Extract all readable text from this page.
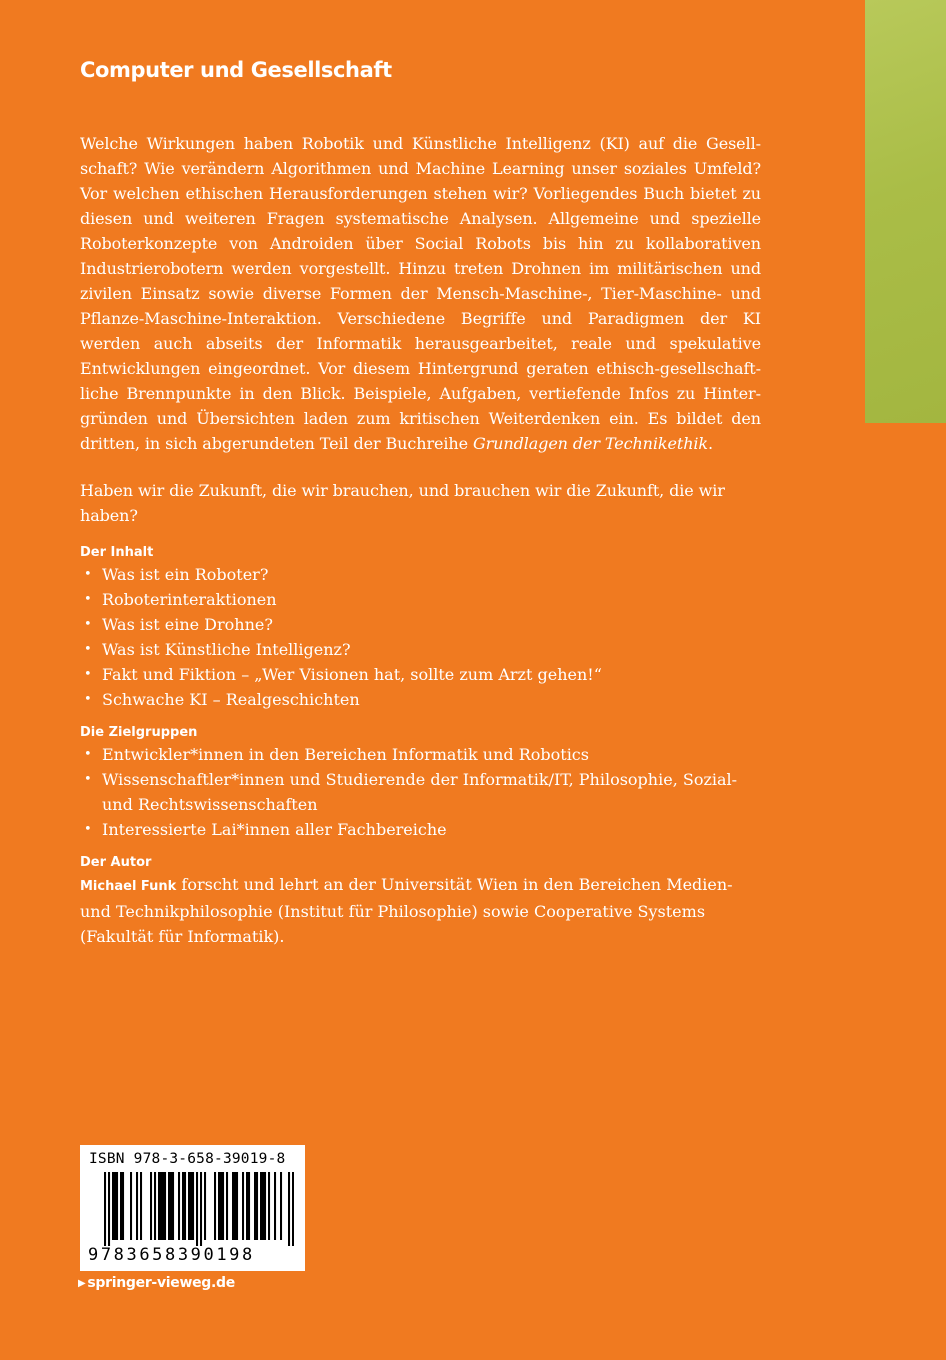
Computer und Gesellschaft

Welche Wirkungen haben Robotik und Künstliche Intelligenz (KI) auf die Gesellschaft? Wie verändern Algorithmen und Machine Learning unser soziales Umfeld? Vor welchen ethischen Herausforderungen stehen wir? Vorliegendes Buch bietet zu diesen und weiteren Fragen systematische Analysen. Allgemeine und spezielle Roboterkonzepte von Androiden über Social Robots bis hin zu kollaborativen Industrierobotern werden vorgestellt. Hinzu treten Drohnen im militärischen und zivilen Einsatz sowie diverse Formen der Mensch-Maschine-, Tier-Maschine- und Pflanze-Maschine-Interaktion. Verschiedene Begriffe und Paradigmen der KI werden auch abseits der Informatik herausgearbeitet, reale und spekulative Entwicklungen eingeordnet. Vor diesem Hintergrund geraten ethisch-gesellschaftliche Brennpunkte in den Blick. Beispiele, Aufgaben, vertiefende Infos zu Hintergründen und Übersichten laden zum kritischen Weiterdenken ein. Es bildet den dritten, in sich abgerundeten Teil der Buchreihe Grundlagen der Technikethik.

Haben wir die Zukunft, die wir brauchen, und brauchen wir die Zukunft, die wir haben?

Der Inhalt
• Was ist ein Roboter?
• Roboterinteraktionen
• Was ist eine Drohne?
• Was ist Künstliche Intelligenz?
• Fakt und Fiktion – „Wer Visionen hat, sollte zum Arzt gehen!“
• Schwache KI – Realgeschichten
Die Zielgruppen
• Entwickler*innen in den Bereichen Informatik und Robotics
• Wissenschaftler*innen und Studierende der Informatik/IT, Philosophie, Sozial- und Rechtswissenschaften
• Interessierte Lai*innen aller Fachbereiche
Der Autor
Michael Funk forscht und lehrt an der Universität Wien in den Bereichen Medien- und Technikphilosophie (Institut für Philosophie) sowie Cooperative Systems (Fakultät für Informatik).
ISBN 978-3-658-39019-8
9783658390198
▶ springer-vieweg.de
